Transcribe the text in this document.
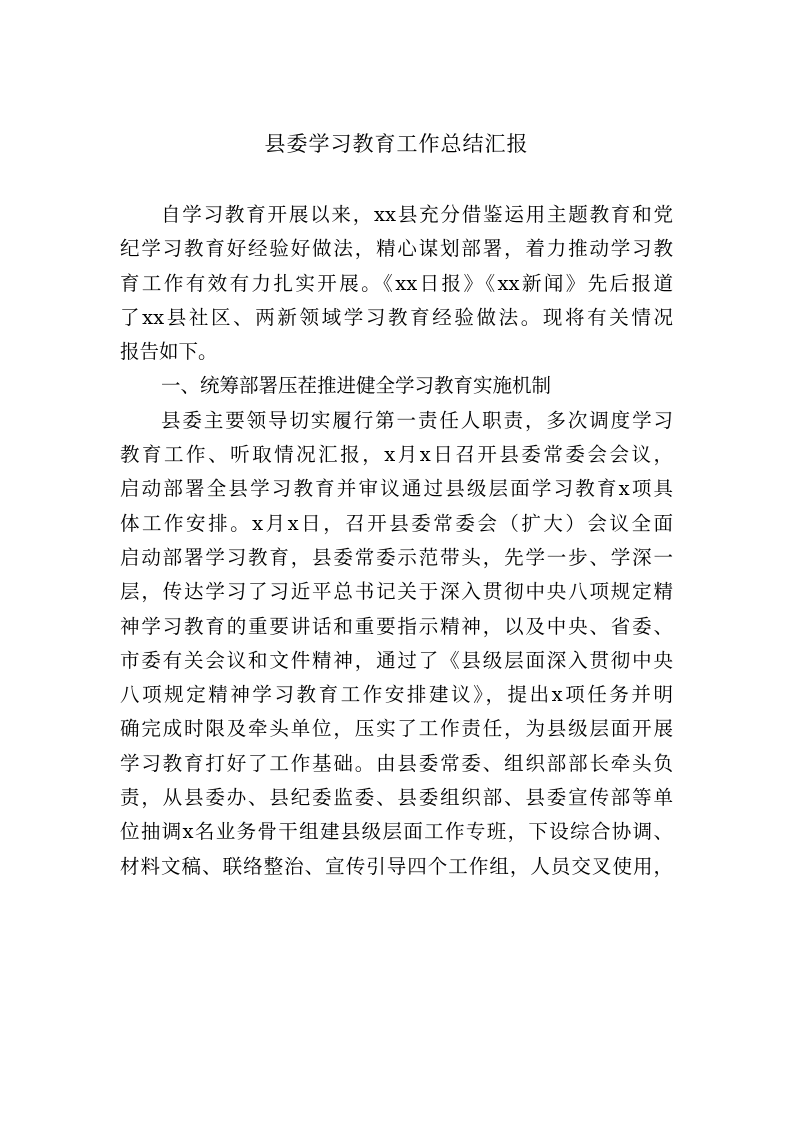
县委学习教育工作总结汇报
自学习教育开展以来，xx县充分借鉴运用主题教育和党
纪学习教育好经验好做法，精心谋划部署，着力推动学习教
育工作有效有力扎实开展。《xx日报》《xx新闻》先后报道
了xx县社区、两新领域学习教育经验做法。现将有关情况
报告如下。
一、统筹部署压茬推进健全学习教育实施机制
县委主要领导切实履行第一责任人职责，多次调度学习
教育工作、听取情况汇报，x月x日召开县委常委会会议，
启动部署全县学习教育并审议通过县级层面学习教育x项具
体工作安排。x月x日，召开县委常委会（扩大）会议全面
启动部署学习教育，县委常委示范带头，先学一步、学深一
层，传达学习了习近平总书记关于深入贯彻中央八项规定精
神学习教育的重要讲话和重要指示精神，以及中央、省委、
市委有关会议和文件精神，通过了《县级层面深入贯彻中央
八项规定精神学习教育工作安排建议》，提出x项任务并明
确完成时限及牵头单位，压实了工作责任，为县级层面开展
学习教育打好了工作基础。由县委常委、组织部部长牵头负
责，从县委办、县纪委监委、县委组织部、县委宣传部等单
位抽调x名业务骨干组建县级层面工作专班，下设综合协调、
材料文稿、联络整治、宣传引导四个工作组，人员交叉使用，
